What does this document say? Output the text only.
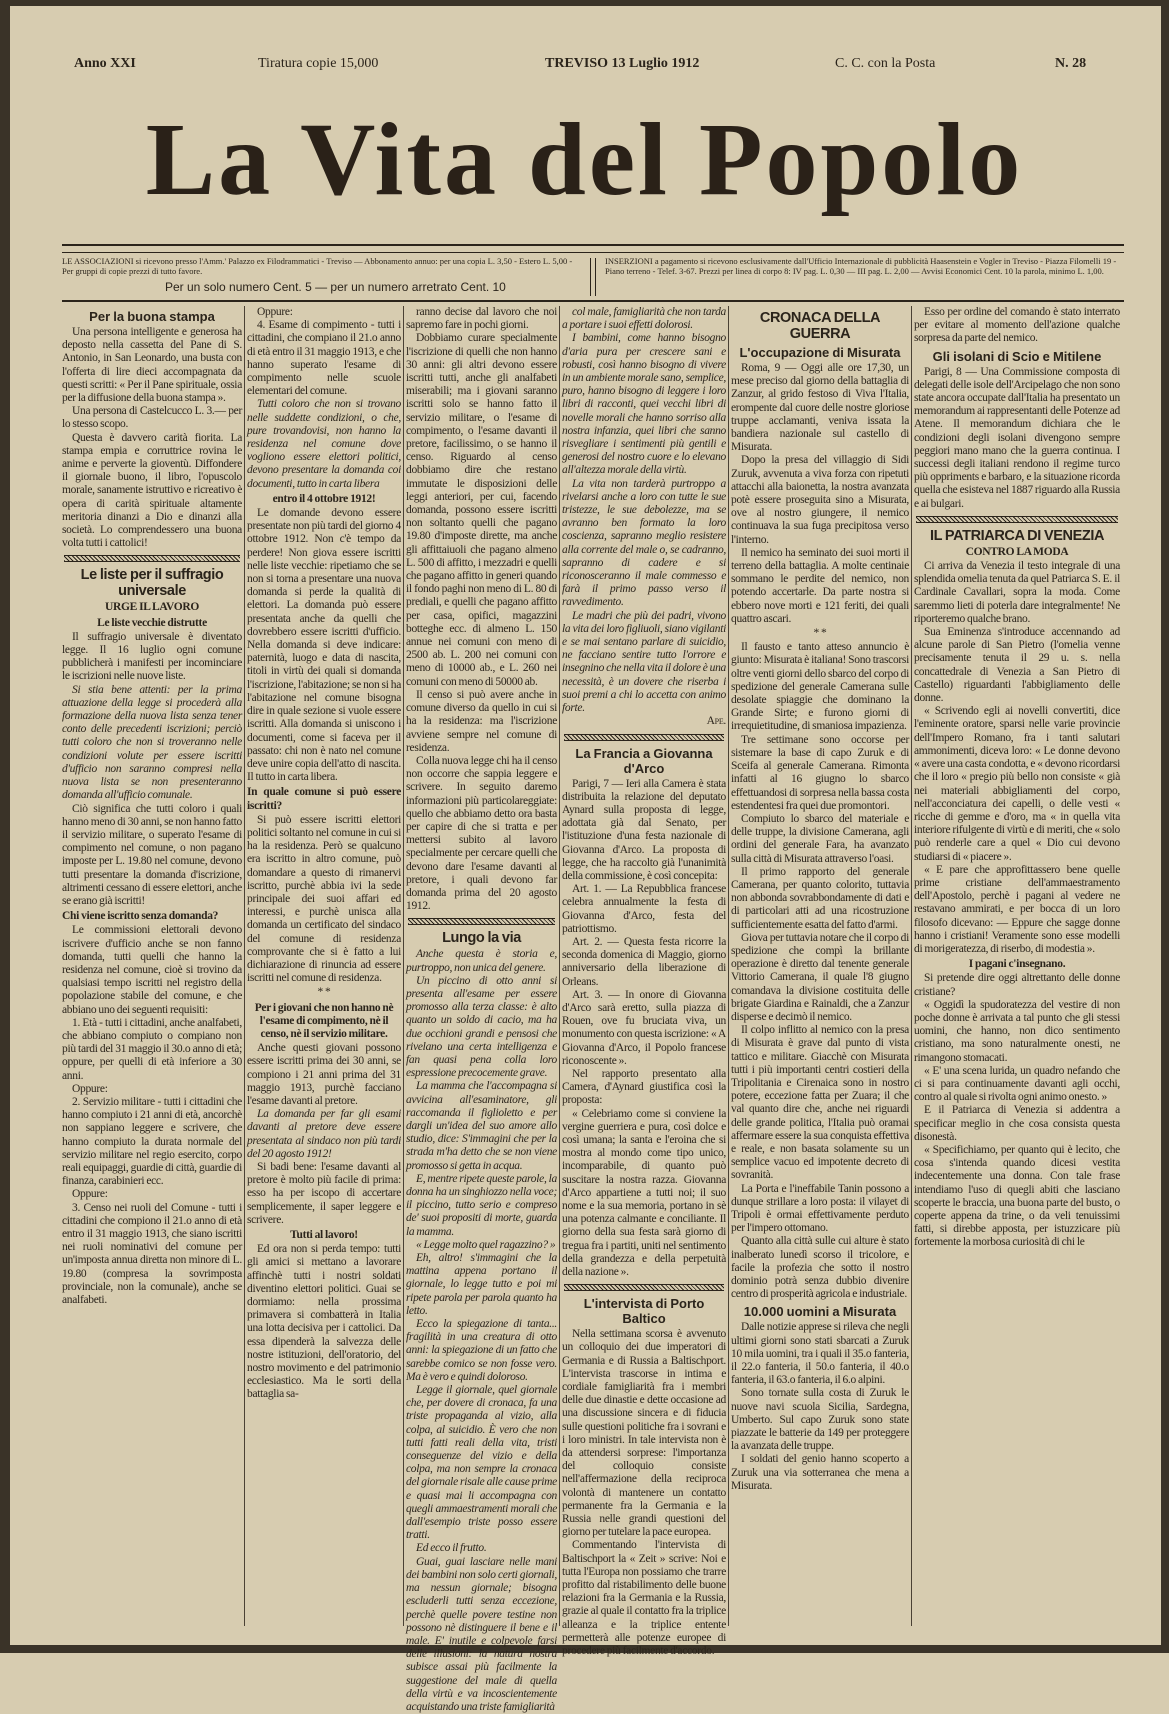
Anno XXI	Tiratura copie 15,000	TREVISO 13 Luglio 1912	C. C. con la Posta	N. 28
La Vita del Popolo
LE ASSOCIAZIONI si ricevono presso l'Amm.' Palazzo ex Filodrammatici - Treviso — Abbonamento annuo: per una copia L. 3,50 - Estero L. 5,00 - Per gruppi di copie prezzi di tutto favore.
Per un solo numero Cent. 5 — per un numero arretrato Cent. 10
INSERZIONI a pagamento si ricevono esclusivamente dall'Ufficio Internazionale di pubblicità Haasenstein e Vogler in Treviso - Piazza Filomelli 19 - Piano terreno - Telef. 3-67. Prezzi per linea di corpo 8: IV pag. L. 0,30 — III pag. L. 2,00 — Avvisi Economici Cent. 10 la parola, minimo L. 1,00.

Per la buona stampa

Una persona intelligente e generosa ha deposto nella cassetta del Pane di S. Antonio, in San Leonardo, una busta con l'offerta di lire dieci accompagnata da questi scritti: « Per il Pane spirituale, ossia per la diffusione della buona stampa ».

Una persona di Castelcucco L. 3.— per lo stesso scopo.

Questa è davvero carità fiorita. La stampa empia e corruttrice rovina le anime e perverte la gioventù. Diffondere il giornale buono, il libro, l'opuscolo morale, sanamente istruttivo e ricreativo è opera di carità spirituale altamente meritoria dinanzi a Dio e dinanzi alla società. Lo comprendessero una buona volta tutti i cattolici!

Le liste per il suffragio universale

URGE IL LAVORO

Le liste vecchie distrutte

Il suffragio universale è diventato legge. Il 16 luglio ogni comune pubblicherà i manifesti per incominciare le iscrizioni nelle nuove liste.

Si stia bene attenti: per la prima attuazione della legge si procederà alla formazione della nuova lista senza tener conto delle precedenti iscrizioni; perciò tutti coloro che non si troveranno nelle condizioni volute per essere iscritti d'ufficio non saranno compresi nella nuova lista se non presenteranno domanda all'ufficio comunale.

Ciò significa che tutti coloro i quali hanno meno di 30 anni, se non hanno fatto il servizio militare, o superato l'esame di compimento nel comune, o non pagano imposte per L. 19.80 nel comune, devono tutti presentare la domanda d'iscrizione, altrimenti cessano di essere elettori, anche se erano già iscritti!

Chi viene iscritto senza domanda?

Le commissioni elettorali devono iscrivere d'ufficio anche se non fanno domanda, tutti quelli che hanno la residenza nel comune, cioè si trovino da qualsiasi tempo iscritti nel registro della popolazione stabile del comune, e che abbiano uno dei seguenti requisiti:

1. Età - tutti i cittadini, anche analfabeti, che abbiano compiuto o compiano non più tardi del 31 maggio il 30.o anno di età; oppure, per quelli di età inferiore a 30 anni.

Oppure:

2. Servizio militare - tutti i cittadini che hanno compiuto i 21 anni di età, ancorchè non sappiano leggere e scrivere, che hanno compiuto la durata normale del servizio militare nel regio esercito, corpo reali equipaggi, guardie di città, guardie di finanza, carabinieri ecc.

Oppure:

3. Censo nei ruoli del Comune - tutti i cittadini che compiono il 21.o anno di età entro il 31 maggio 1913, che siano iscritti nei ruoli nominativi del comune per un'imposta annua diretta non minore di L. 19.80 (compresa la sovrimposta provinciale, non la comunale), anche se analfabeti.

Oppure:

4. Esame di compimento - tutti i cittadini, che compiano il 21.o anno di età entro il 31 maggio 1913, e che hanno superato l'esame di compimento nelle scuole elementari del comune.

Tutti coloro che non si trovano nelle suddette condizioni, o che, pure trovandovisi, non hanno la residenza nel comune dove vogliono essere elettori politici, devono presentare la domanda coi documenti, tutto in carta libera

entro il 4 ottobre 1912!

Le domande devono essere presentate non più tardi del giorno 4 ottobre 1912. Non c'è tempo da perdere! Non giova essere iscritti nelle liste vecchie: ripetiamo che se non si torna a presentare una nuova domanda si perde la qualità di elettori. La domanda può essere presentata anche da quelli che dovrebbero essere iscritti d'ufficio. Nella domanda si deve indicare: paternità, luogo e data di nascita, titoli in virtù dei quali si domanda l'iscrizione, l'abitazione; se non si ha l'abitazione nel comune bisogna dire in quale sezione si vuole essere iscritti. Alla domanda si uniscono i documenti, come si faceva per il passato: chi non è nato nel comune deve unire copia dell'atto di nascita. Il tutto in carta libera.

In quale comune si può essere iscritti?

Si può essere iscritti elettori politici soltanto nel comune in cui si ha la residenza. Però se qualcuno era iscritto in altro comune, può domandare a questo di rimanervi iscritto, purchè abbia ivi la sede principale dei suoi affari ed interessi, e purchè unisca alla domanda un certificato del sindaco del comune di residenza comprovante che si è fatto a lui dichiarazione di rinuncia ad essere iscritti nel comune di residenza.

* *

Per i giovani che non hanno nè l'esame di compimento, nè il censo, nè il servizio militare.

Anche questi giovani possono essere iscritti prima dei 30 anni, se compiono i 21 anni prima del 31 maggio 1913, purchè facciano l'esame davanti al pretore.

La domanda per far gli esami davanti al pretore deve essere presentata al sindaco non più tardi del 20 agosto 1912!

Si badi bene: l'esame davanti al pretore è molto più facile di prima: esso ha per iscopo di accertare semplicemente, il saper leggere e scrivere.

Tutti al lavoro!

Ed ora non si perda tempo: tutti gli amici si mettano a lavorare affinchè tutti i nostri soldati diventino elettori politici. Guai se dormiamo: nella prossima primavera si combatterà in Italia una lotta decisiva per i cattolici. Da essa dipenderà la salvezza delle nostre istituzioni, dell'oratorio, del nostro movimento e del patrimonio ecclesiastico. Ma le sorti della battaglia sa-

ranno decise dal lavoro che noi sapremo fare in pochi giorni.

Dobbiamo curare specialmente l'iscrizione di quelli che non hanno 30 anni: gli altri devono essere iscritti tutti, anche gli analfabeti miserabili; ma i giovani saranno iscritti solo se hanno fatto il servizio militare, o l'esame di compimento, o l'esame davanti il pretore, facilissimo, o se hanno il censo. Riguardo al censo dobbiamo dire che restano immutate le disposizioni delle leggi anteriori, per cui, facendo domanda, possono essere iscritti non soltanto quelli che pagano 19.80 d'imposte dirette, ma anche gli affittaiuoli che pagano almeno L. 500 di affitto, i mezzadri e quelli che pagano affitto in generi quando il fondo paghi non meno di L. 80 di prediali, e quelli che pagano affitto per casa, opifici, magazzini botteghe ecc. di almeno L. 150 annue nei comuni con meno di 2500 ab. L. 200 nei comuni con meno di 10000 ab., e L. 260 nei comuni con meno di 50000 ab.

Il censo si può avere anche in comune diverso da quello in cui si ha la residenza: ma l'iscrizione avviene sempre nel comune di residenza.

Colla nuova legge chi ha il censo non occorre che sappia leggere e scrivere. In seguito daremo informazioni più particolareggiate: quello che abbiamo detto ora basta per capire di che si tratta e per mettersi subito al lavoro specialmente per cercare quelli che devono dare l'esame davanti al pretore, i quali devono far domanda prima del 20 agosto 1912.

Lungo la via

Anche questa è storia e, purtroppo, non unica del genere.

Un piccino di otto anni si presenta all'esame per essere promosso alla terza classe: è alto quanto un soldo di cacio, ma ha due occhioni grandi e pensosi che rivelano una certa intelligenza e fan quasi pena colla loro espressione precocemente grave.

La mamma che l'accompagna si avvicina all'esaminatore, gli raccomanda il figlioletto e per dargli un'idea del suo amore allo studio, dice: S'immagini che per la strada m'ha detto che se non viene promosso si getta in acqua.

E, mentre ripete queste parole, la donna ha un singhiozzo nella voce; il piccino, tutto serio e compreso de' suoi propositi di morte, guarda la mamma.

« Legge molto quel ragazzino? »

Eh, altro! s'immagini che la mattina appena portano il giornale, lo legge tutto e poi mi ripete parola per parola quanto ha letto.

Ecco la spiegazione di tanta... fragilità in una creatura di otto anni: la spiegazione di un fatto che sarebbe comico se non fosse vero. Ma è vero e quindi doloroso.

Legge il giornale, quel giornale che, per dovere di cronaca, fa una triste propaganda al vizio, alla colpa, al suicidio. È vero che non tutti fatti reali della vita, tristi conseguenze del vizio e della colpa, ma non sempre la cronaca del giornale risale alle cause prime e quasi mai li accompagna con quegli ammaestramenti morali che dall'esempio triste posso essere tratti.

Ed ecco il frutto.

Guai, guai lasciare nelle mani dei bambini non solo certi giornali, ma nessun giornale; bisogna escluderli tutti senza eccezione, perchè quelle povere testine non possono nè distinguere il bene e il male. E' inutile e colpevole farsi delle illusioni: la natura nostra subisce assai più facilmente la suggestione del male di quella della virtù e va incoscientemente acquistando una triste famigliarità

col male, famigliarità che non tarda a portare i suoi effetti dolorosi.

I bambini, come hanno bisogno d'aria pura per crescere sani e robusti, così hanno bisogno di vivere in un ambiente morale sano, semplice, puro, hanno bisogno di leggere i loro libri di racconti, quei vecchi libri di novelle morali che hanno sorriso alla nostra infanzia, quei libri che sanno risvegliare i sentimenti più gentili e generosi del nostro cuore e lo elevano all'altezza morale della virtù.

La vita non tarderà purtroppo a rivelarsi anche a loro con tutte le sue tristezze, le sue debolezze, ma se avranno ben formato la loro coscienza, sapranno meglio resistere alla corrente del male o, se cadranno, sapranno di cadere e si riconosceranno il male commesso e farà il primo passo verso il ravvedimento.

Le madri che più dei padri, vivono la vita dei loro figliuoli, siano vigilanti e se mai sentano parlare di suicidio, ne facciano sentire tutto l'orrore e insegnino che nella vita il dolore è una necessità, è un dovere che riserba i suoi premi a chi lo accetta con animo forte.

Ape.

La Francia a Giovanna d'Arco

Parigi, 7 — Ieri alla Camera è stata distribuita la relazione del deputato Aynard sulla proposta di legge, adottata già dal Senato, per l'istituzione d'una festa nazionale di Giovanna d'Arco. La proposta di legge, che ha raccolto già l'unanimità della commissione, è così concepita:

Art. 1. — La Repubblica francese celebra annualmente la festa di Giovanna d'Arco, festa del patriottismo.

Art. 2. — Questa festa ricorre la seconda domenica di Maggio, giorno anniversario della liberazione di Orleans.

Art. 3. — In onore di Giovanna d'Arco sarà eretto, sulla piazza di Rouen, ove fu bruciata viva, un monumento con questa iscrizione: « A Giovanna d'Arco, il Popolo francese riconoscente ».

Nel rapporto presentato alla Camera, d'Aynard giustifica così la proposta:

« Celebriamo come si conviene la vergine guerriera e pura, così dolce e così umana; la santa e l'eroina che si mostra al mondo come tipo unico, incomparabile, di quanto può suscitare la nostra razza. Giovanna d'Arco appartiene a tutti noi; il suo nome e la sua memoria, portano in sè una potenza calmante e conciliante. Il giorno della sua festa sarà giorno di tregua fra i partiti, uniti nel sentimento della grandezza e della perpetuità della nazione ».

L'intervista di Porto Baltico

Nella settimana scorsa è avvenuto un colloquio dei due imperatori di Germania e di Russia a Baltischport. L'intervista trascorse in intima e cordiale famigliarità fra i membri delle due dinastie e dette occasione ad una discussione sincera e di fiducia sulle questioni politiche fra i sovrani e i loro ministri. In tale intervista non è da attendersi sorprese: l'importanza del colloquio consiste nell'affermazione della reciproca volontà di mantenere un contatto permanente fra la Germania e la Russia nelle grandi questioni del giorno per tutelare la pace europea.

Commentando l'intervista di Baltischport la « Zeit » scrive: Noi e tutta l'Europa non possiamo che trarre profitto dal ristabilimento delle buone relazioni fra la Germania e la Russia, grazie al quale il contatto fra la triplice alleanza e la triplice entente permetterà alle potenze europee di procedere più facilmente d'accordo.

CRONACA DELLA GUERRA

L'occupazione di Misurata

Roma, 9 — Oggi alle ore 17,30, un mese preciso dal giorno della battaglia di Zanzur, al grido festoso di Viva l'Italia, erompente dal cuore delle nostre gloriose truppe acclamanti, veniva issata la bandiera nazionale sul castello di Misurata.

Dopo la presa del villaggio di Sidi Zuruk, avvenuta a viva forza con ripetuti attacchi alla baionetta, la nostra avanzata potè essere proseguita sino a Misurata, ove al nostro giungere, il nemico continuava la sua fuga precipitosa verso l'interno.

Il nemico ha seminato dei suoi morti il terreno della battaglia. A molte centinaie sommano le perdite del nemico, non potendo accertarle. Da parte nostra si ebbero nove morti e 121 feriti, dei quali quattro ascari.

* *

Il fausto e tanto atteso annuncio è giunto: Misurata è italiana! Sono trascorsi oltre venti giorni dello sbarco del corpo di spedizione del generale Camerana sulle desolate spiaggie che dominano la Grande Sirte; e furono giorni di irrequietitudine, di smaniosa impazienza.

Tre settimane sono occorse per sistemare la base di capo Zuruk e di Sceifa al generale Camerana. Rimonta infatti al 16 giugno lo sbarco effettuandosi di sorpresa nella bassa costa estendentesi fra quei due promontori.

Compiuto lo sbarco del materiale e delle truppe, la divisione Camerana, agli ordini del generale Fara, ha avanzato sulla città di Misurata attraverso l'oasi.

Il primo rapporto del generale Camerana, per quanto colorito, tuttavia non abbonda sovrabbondamente di dati e di particolari atti ad una ricostruzione sufficientemente esatta del fatto d'armi.

Giova per tuttavia notare che il corpo di spedizione che compì la brillante operazione è diretto dal tenente generale Vittorio Camerana, il quale l'8 giugno comandava la divisione costituita delle brigate Giardina e Rainaldi, che a Zanzur disperse e decimò il nemico.

Il colpo inflitto al nemico con la presa di Misurata è grave dal punto di vista tattico e militare. Giacchè con Misurata tutti i più importanti centri costieri della Tripolitania e Cirenaica sono in nostro potere, eccezione fatta per Zuara; il che val quanto dire che, anche nei riguardi delle grande politica, l'Italia può oramai affermare essere la sua conquista effettiva e reale, e non basata solamente su un semplice vacuo ed impotente decreto di sovranità.

La Porta e l'ineffabile Tanin possono a dunque strillare a loro posta: il vilayet di Tripoli è ormai effettivamente perduto per l'impero ottomano.

Quanto alla città sulle cui alture è stato inalberato lunedì scorso il tricolore, e facile la profezia che sotto il nostro dominio potrà senza dubbio divenire centro di prosperità agricola e industriale.

10.000 uomini a Misurata

Dalle notizie apprese si rileva che negli ultimi giorni sono stati sbarcati a Zuruk 10 mila uomini, tra i quali il 35.o fanteria, il 22.o fanteria, il 50.o fanteria, il 40.o fanteria, il 63.o fanteria, il 6.o alpini.

Sono tornate sulla costa di Zuruk le nuove navi scuola Sicilia, Sardegna, Umberto. Sul capo Zuruk sono state piazzate le batterie da 149 per proteggere la avanzata delle truppe.

I soldati del genio hanno scoperto a Zuruk una via sotterranea che mena a Misurata.

Esso per ordine del comando è stato interrato per evitare al momento dell'azione qualche sorpresa da parte del nemico.

Gli isolani di Scio e Mitilene

Parigi, 8 — Una Commissione composta di delegati delle isole dell'Arcipelago che non sono state ancora occupate dall'Italia ha presentato un memorandum ai rappresentanti delle Potenze ad Atene. Il memorandum dichiara che le condizioni degli isolani divengono sempre peggiori mano mano che la guerra continua. I successi degli italiani rendono il regime turco più oppriments e barbaro, e la situazione ricorda quella che esisteva nel 1887 riguardo alla Russia e ai bulgari.

IL PATRIARCA DI VENEZIA

CONTRO LA MODA

Ci arriva da Venezia il testo integrale di una splendida omelia tenuta da quel Patriarca S. E. il Cardinale Cavallari, sopra la moda. Come saremmo lieti di poterla dare integralmente! Ne riporteremo qualche brano.

Sua Eminenza s'introduce accennando ad alcune parole di San Pietro (l'omelia venne precisamente tenuta il 29 u. s. nella concattedrale di Venezia a San Pietro di Castello) riguardanti l'abbigliamento delle donne.

« Scrivendo egli ai novelli convertiti, dice l'eminente oratore, sparsi nelle varie provincie dell'Impero Romano, fra i tanti salutari ammonimenti, diceva loro: « Le donne devono « avere una casta condotta, e « devono ricordarsi che il loro « pregio più bello non consiste « già nei materiali abbigliamenti del corpo, nell'acconciatura dei capelli, o delle vesti « ricche di gemme e d'oro, ma « in quella vita interiore rifulgente di virtù e di meriti, che « solo può renderle care a quel « Dio cui devono studiarsi di « piacere ».

« E pare che approfittassero bene quelle prime cristiane dell'ammaestramento dell'Apostolo, perchè i pagani al vedere ne restavano ammirati, e per bocca di un loro filosofo dicevano: — Eppure che sagge donne hanno i cristiani! Veramente sono esse modelli di morigeratezza, di riserbo, di modestia ».

I pagani c'insegnano.

Si pretende dire oggi altrettanto delle donne cristiane?

« Oggidì la spudoratezza del vestire di non poche donne è arrivata a tal punto che gli stessi uomini, che hanno, non dico sentimento cristiano, ma sono naturalmente onesti, ne rimangono stomacati.

« E' una scena lurida, un quadro nefando che ci si para continuamente davanti agli occhi, contro al quale si rivolta ogni animo onesto. »

E il Patriarca di Venezia si addentra a specificar meglio in che cosa consista questa disonestà.

« Specifichiamo, per quanto qui è lecito, che cosa s'intenda quando dicesi vestita indecentemente una donna. Con tale frase intendiamo l'uso di quegli abiti che lasciano scoperte le braccia, una buona parte del busto, o coperte appena da trine, o da veli tenuissimi fatti, si direbbe apposta, per istuzzicare più fortemente la morbosa curiosità di chi le
